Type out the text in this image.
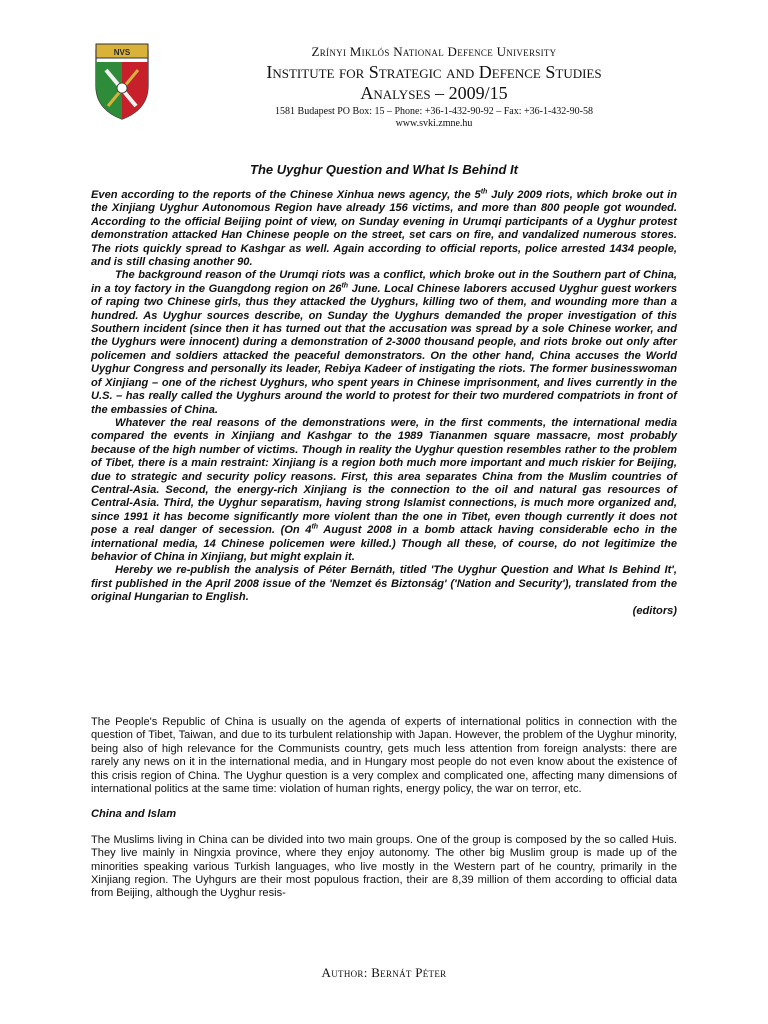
NVS	Zrínyi Miklós National Defence University
Institute for Strategic and Defence Studies
Analyses – 2009/15
1581 Budapest PO Box: 15 – Phone: +36-1-432-90-92 – Fax: +36-1-432-90-58
www.svki.zmne.hu
The Uyghur Question and What Is Behind It

Even according to the reports of the Chinese Xinhua news agency, the 5th July 2009 riots, which broke out in the Xinjiang Uyghur Autonomous Region have already 156 victims, and more than 800 people got wounded. According to the official Beijing point of view, on Sunday evening in Urumqi participants of a Uyghur protest demonstration attacked Han Chinese people on the street, set cars on fire, and vandalized numerous stores. The riots quickly spread to Kashgar as well. Again according to official reports, police arrested 1434 people, and is still chasing another 90.

The background reason of the Urumqi riots was a conflict, which broke out in the Southern part of China, in a toy factory in the Guangdong region on 26th June. Local Chinese laborers accused Uyghur guest workers of raping two Chinese girls, thus they attacked the Uyghurs, killing two of them, and wounding more than a hundred. As Uyghur sources describe, on Sunday the Uyghurs demanded the proper investigation of this Southern incident (since then it has turned out that the accusation was spread by a sole Chinese worker, and the Uyghurs were innocent) during a demonstration of 2-3000 thousand people, and riots broke out only after policemen and soldiers attacked the peaceful demonstrators. On the other hand, China accuses the World Uyghur Congress and personally its leader, Rebiya Kadeer of instigating the riots. The former businesswoman of Xinjiang – one of the richest Uyghurs, who spent years in Chinese imprisonment, and lives currently in the U.S. – has really called the Uyghurs around the world to protest for their two murdered compatriots in front of the embassies of China.

Whatever the real reasons of the demonstrations were, in the first comments, the international media compared the events in Xinjiang and Kashgar to the 1989 Tiananmen square massacre, most probably because of the high number of victims. Though in reality the Uyghur question resembles rather to the problem of Tibet, there is a main restraint: Xinjiang is a region both much more important and much riskier for Beijing, due to strategic and security policy reasons. First, this area separates China from the Muslim countries of Central-Asia. Second, the energy-rich Xinjiang is the connection to the oil and natural gas resources of Central-Asia. Third, the Uyghur separatism, having strong Islamist connections, is much more organized and, since 1991 it has become significantly more violent than the one in Tibet, even though currently it does not pose a real danger of secession. (On 4th August 2008 in a bomb attack having considerable echo in the international media, 14 Chinese policemen were killed.) Though all these, of course, do not legitimize the behavior of China in Xinjiang, but might explain it.

Hereby we re-publish the analysis of Péter Bernáth, titled 'The Uyghur Question and What Is Behind It', first published in the April 2008 issue of the 'Nemzet és Biztonság' ('Nation and Security'), translated from the original Hungarian to English.

(editors)

The People's Republic of China is usually on the agenda of experts of international politics in connection with the question of Tibet, Taiwan, and due to its turbulent relationship with Japan. However, the problem of the Uyghur minority, being also of high relevance for the Communists country, gets much less attention from foreign analysts: there are rarely any news on it in the international media, and in Hungary most people do not even know about the existence of this crisis region of China. The Uyghur question is a very complex and complicated one, affecting many dimensions of international politics at the same time: violation of human rights, energy policy, the war on terror, etc.

China and Islam

The Muslims living in China can be divided into two main groups. One of the group is composed by the so called Huis. They live mainly in Ningxia province, where they enjoy autonomy. The other big Muslim group is made up of the minorities speaking various Turkish languages, who live mostly in the Western part of he country, primarily in the Xinjiang region. The Uyhgurs are their most populous fraction, their are 8,39 million of them according to official data from Beijing, although the Uyghur resis-

Author: Bernát Péter
